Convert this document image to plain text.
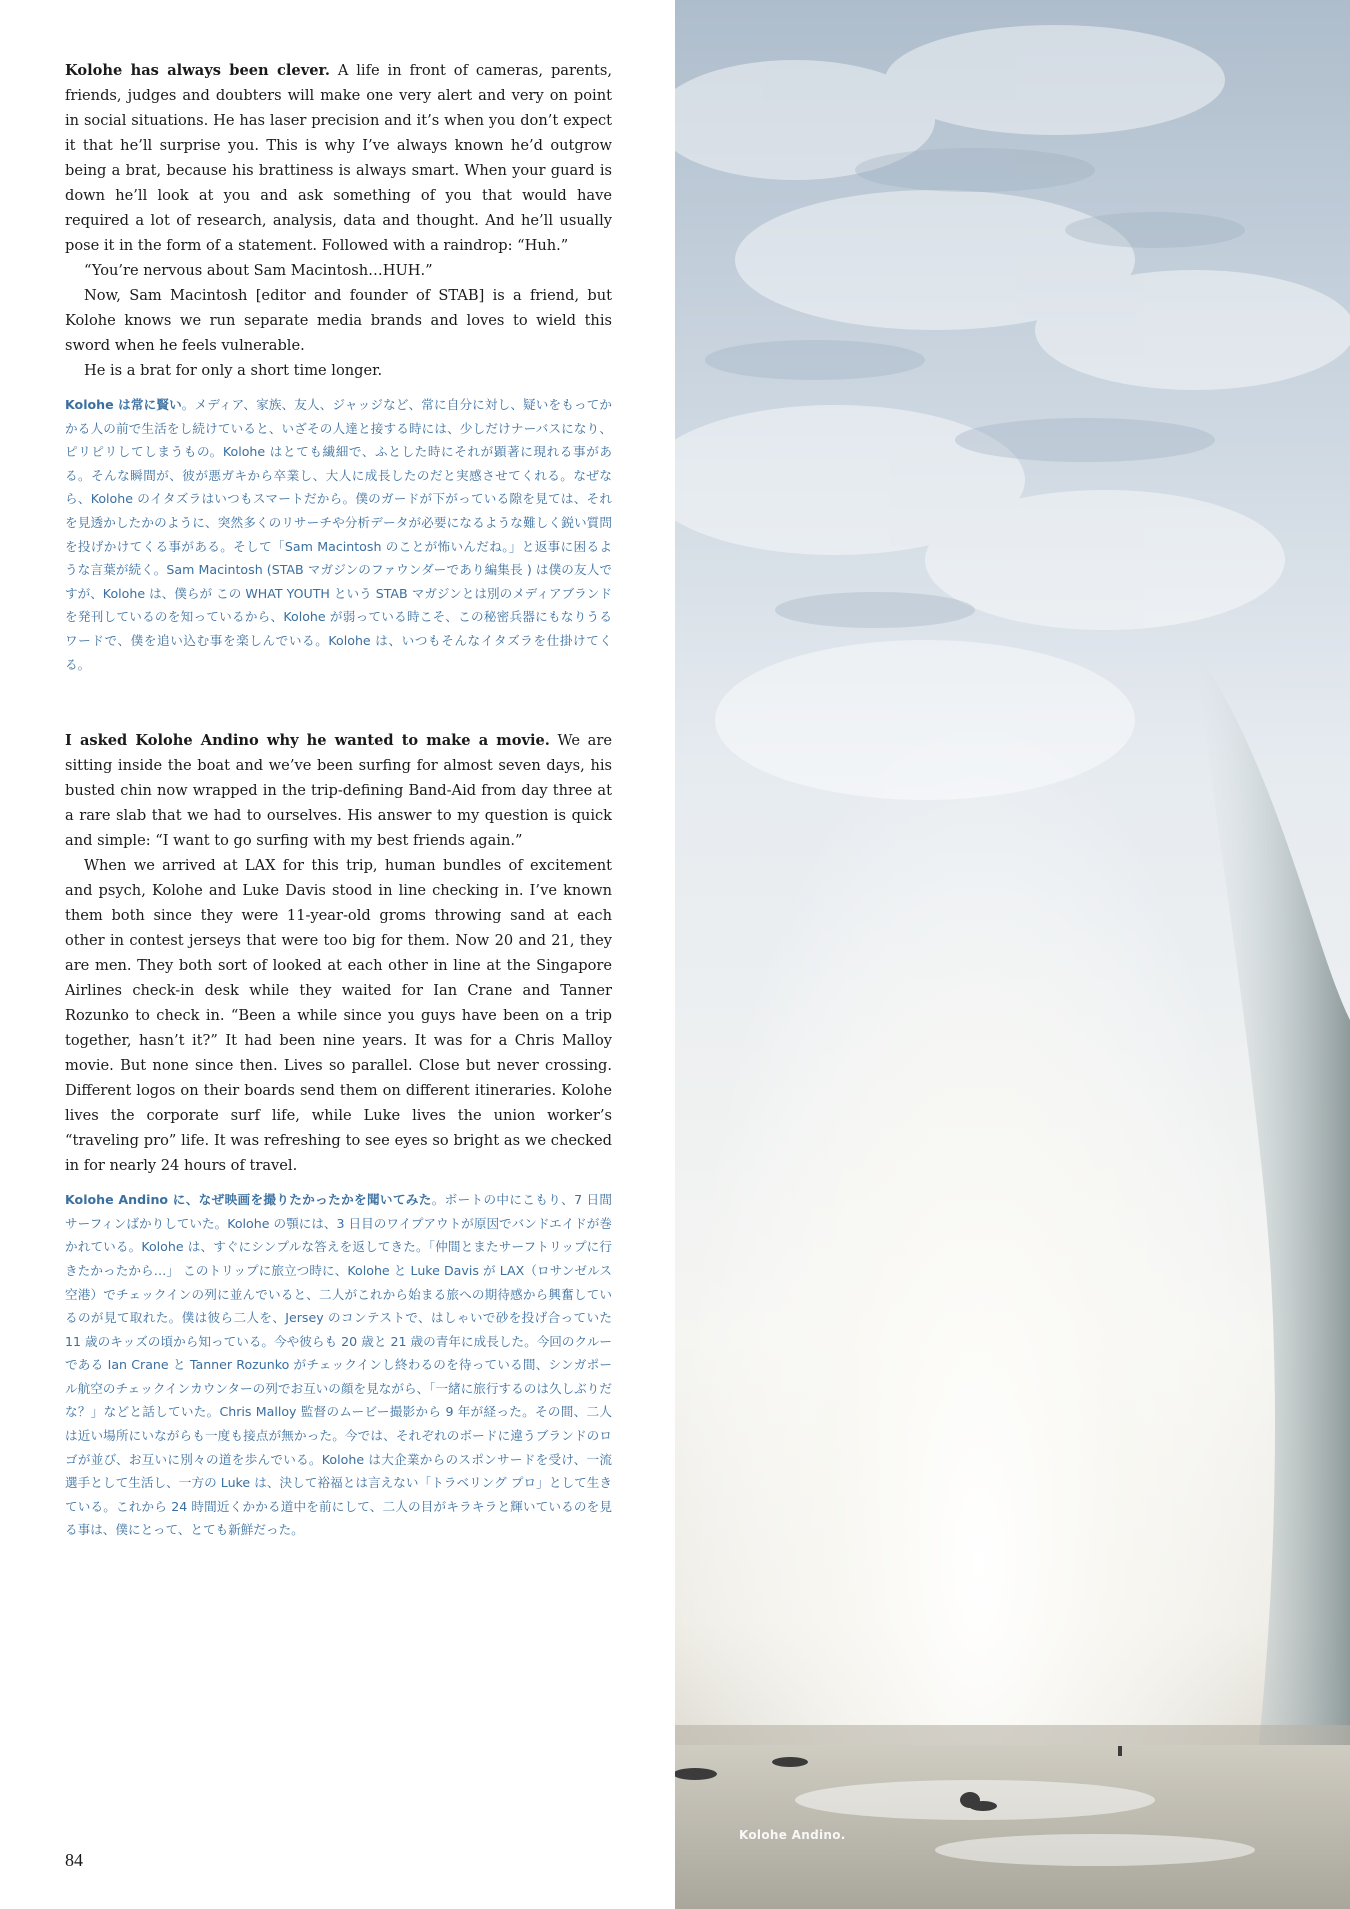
Kolohe has always been clever. A life in front of cameras, parents, friends, judges and doubters will make one very alert and very on point in social situations. He has laser precision and it’s when you don’t expect it that he’ll surprise you. This is why I’ve always known he’d outgrow being a brat, because his brattiness is always smart. When your guard is down he’ll look at you and ask something of you that would have required a lot of research, analysis, data and thought. And he’ll usually pose it in the form of a statement. Followed with a raindrop: “Huh.”

“You’re nervous about Sam Macintosh…HUH.”

Now, Sam Macintosh [editor and founder of STAB] is a friend, but Kolohe knows we run separate media brands and loves to wield this sword when he feels vulnerable.

He is a brat for only a short time longer.

Kolohe は常に賢い。メディア、家族、友人、ジャッジなど、常に自分に対し、疑いをもってかかる人の前で生活をし続けていると、いざその人達と接する時には、少しだけナーバスになり、ピリピリしてしまうもの。Kolohe はとても繊細で、ふとした時にそれが顕著に現れる事がある。そんな瞬間が、彼が悪ガキから卒業し、大人に成長したのだと実感させてくれる。なぜなら、Kolohe のイタズラはいつもスマートだから。僕のガードが下がっている隙を見ては、それを見透かしたかのように、突然多くのリサーチや分析データが必要になるような難しく鋭い質問を投げかけてくる事がある。そして「Sam Macintosh のことが怖いんだね。」と返事に困るような言葉が続く。Sam Macintosh (STAB マガジンのファウンダーであり編集長 ) は僕の友人ですが、Kolohe は、僕らが この WHAT YOUTH という STAB マガジンとは別のメディアブランドを発刊しているのを知っているから、Kolohe が弱っている時こそ、この秘密兵器にもなりうるワードで、僕を追い込む事を楽しんでいる。Kolohe は、いつもそんなイタズラを仕掛けてくる。

I asked Kolohe Andino why he wanted to make a movie. We are sitting inside the boat and we’ve been surfing for almost seven days, his busted chin now wrapped in the trip-defining Band-Aid from day three at a rare slab that we had to ourselves. His answer to my question is quick and simple: “I want to go surfing with my best friends again.”

When we arrived at LAX for this trip, human bundles of excitement and psych, Kolohe and Luke Davis stood in line checking in. I’ve known them both since they were 11-year-old groms throwing sand at each other in contest jerseys that were too big for them. Now 20 and 21, they are men. They both sort of looked at each other in line at the Singapore Airlines check-in desk while they waited for Ian Crane and Tanner Rozunko to check in. “Been a while since you guys have been on a trip together, hasn’t it?” It had been nine years. It was for a Chris Malloy movie. But none since then. Lives so parallel. Close but never crossing. Different logos on their boards send them on different itineraries. Kolohe lives the corporate surf life, while Luke lives the union worker’s “traveling pro” life. It was refreshing to see eyes so bright as we checked in for nearly 24 hours of travel.

Kolohe Andino に、なぜ映画を撮りたかったかを聞いてみた。ボートの中にこもり、7 日間サーフィンばかりしていた。Kolohe の顎には、3 日目のワイプアウトが原因でバンドエイドが巻かれている。Kolohe は、すぐにシンプルな答えを返してきた。「仲間とまたサーフトリップに行きたかったから…」 このトリップに旅立つ時に、Kolohe と Luke Davis が LAX（ロサンゼルス空港）でチェックインの列に並んでいると、二人がこれから始まる旅への期待感から興奮しているのが見て取れた。僕は彼ら二人を、Jersey のコンテストで、はしゃいで砂を投げ合っていた 11 歳のキッズの頃から知っている。今や彼らも 20 歳と 21 歳の青年に成長した。今回のクルーである Ian Crane と Tanner Rozunko がチェックインし終わるのを待っている間、シンガポール航空のチェックインカウンターの列でお互いの顔を見ながら、「一緒に旅行するのは久しぶりだな？」などと話していた。Chris Malloy 監督のムービー撮影から 9 年が経った。その間、二人は近い場所にいながらも一度も接点が無かった。今では、それぞれのボードに違うブランドのロゴが並び、お互いに別々の道を歩んでいる。Kolohe は大企業からのスポンサードを受け、一流選手として生活し、一方の Luke は、決して裕福とは言えない「トラベリング プロ」として生きている。これから 24 時間近くかかる道中を前にして、二人の目がキラキラと輝いているのを見る事は、僕にとって、とても新鮮だった。

84
Kolohe Andino.
